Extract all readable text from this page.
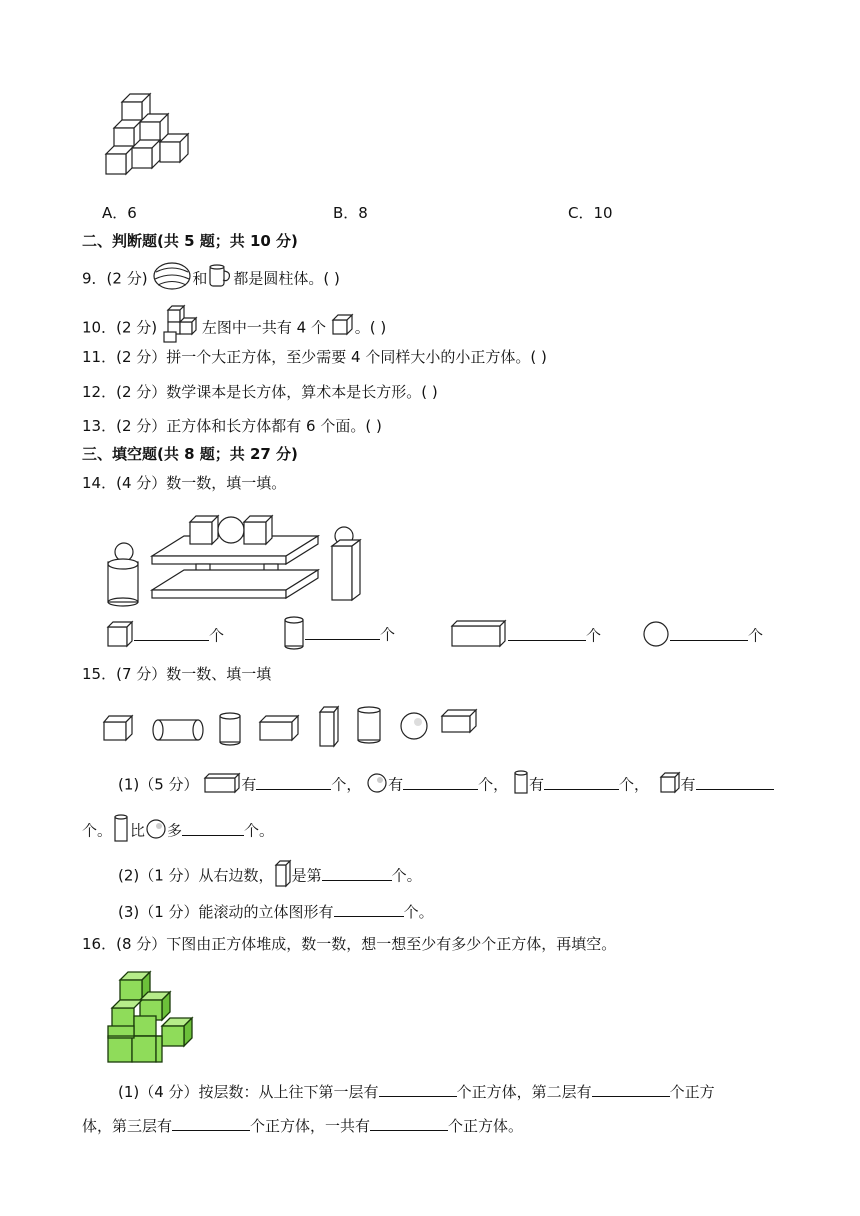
A．6	B．8	C．10
二、判断题(共 5 题；共 10 分)
9．(2 分)	和 都是圆柱体。( )
10．(2 分)	左图中一共有 4 个 。( )
11．(2 分）拼一个大正方体，至少需要 4 个同样大小的小正方体。( )
12．(2 分）数学课本是长方体，算术本是长方形。( )
13．(2 分）正方体和长方体都有 6 个面。( )
三、填空题(共 8 题；共 27 分)
14．(4 分）数一数，填一填。
个	个	个	个
15．(7 分）数一数、填一填
(1)（5 分）	有	个， 有	个， 有	个， 有
个。 比 多	个。
(2)（1 分）从右边数， 是第	个。
(3)（1 分）能滚动的立体图形有	个。
16．(8 分）下图由正方体堆成，数一数，想一想至少有多少个正方体，再填空。
(1)（4 分）按层数：从上往下第一层有	个正方体，第二层有	个正方
体，第三层有	个正方体，一共有	个正方体。
